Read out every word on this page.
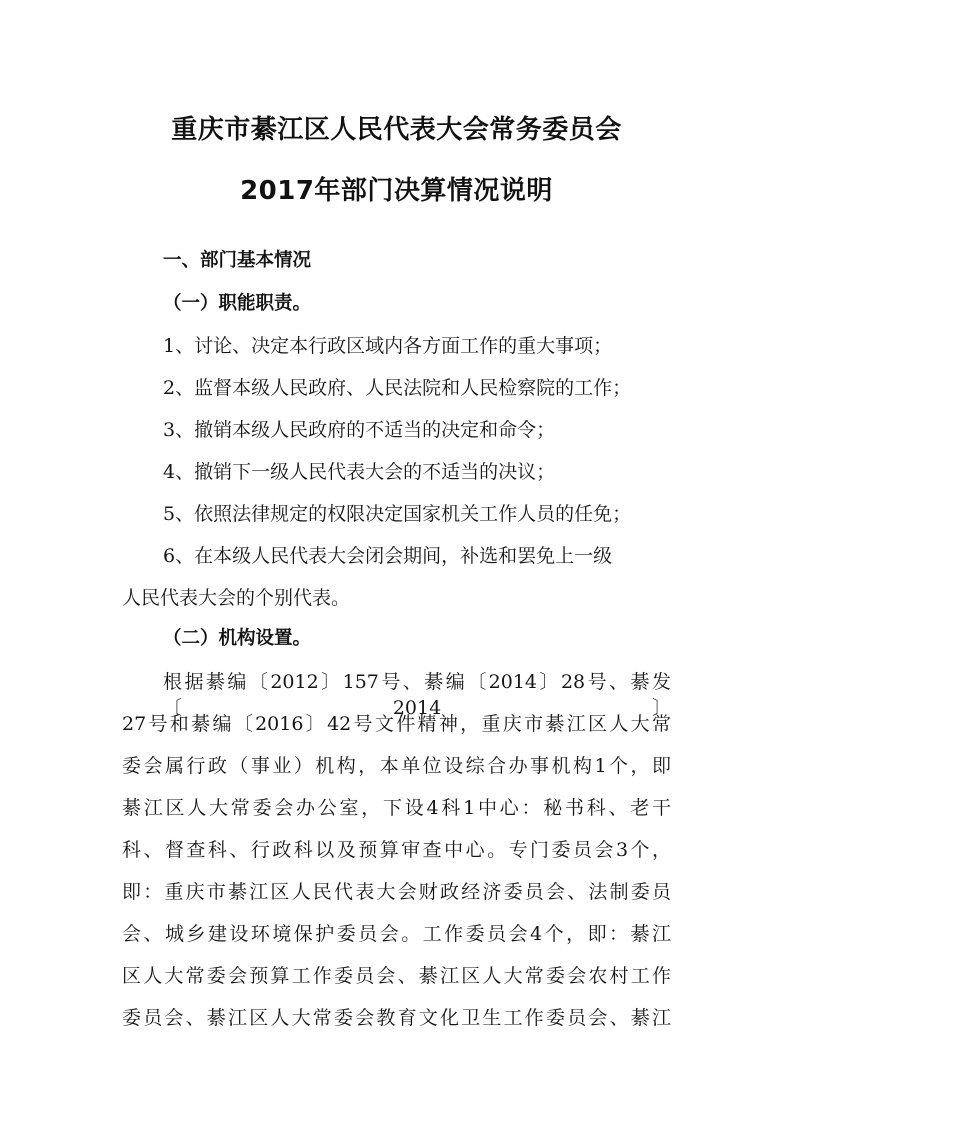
重庆市綦江区人民代表大会常务委员会
2017年部门决算情况说明
一、部门基本情况
（一）职能职责。
1、讨论、决定本行政区域内各方面工作的重大事项；
2、监督本级人民政府、人民法院和人民检察院的工作；
3、撤销本级人民政府的不适当的决定和命令；
4、撤销下一级人民代表大会的不适当的决议；
5、依照法律规定的权限决定国家机关工作人员的任免；
6、在本级人民代表大会闭会期间，补选和罢免上一级
人民代表大会的个别代表。
（二）机构设置。
根据綦编〔2012〕157号、綦编〔2014〕28号、綦发〔2014〕
27号和綦编〔2016〕42号文件精神，重庆市綦江区人大常
委会属行政（事业）机构，本单位设综合办事机构1个，即
綦江区人大常委会办公室，下设4科1中心：秘书科、老干
科、督查科、行政科以及预算审查中心。专门委员会3个，
即：重庆市綦江区人民代表大会财政经济委员会、法制委员
会、城乡建设环境保护委员会。工作委员会4个，即：綦江
区人大常委会预算工作委员会、綦江区人大常委会农村工作
委员会、綦江区人大常委会教育文化卫生工作委员会、綦江
